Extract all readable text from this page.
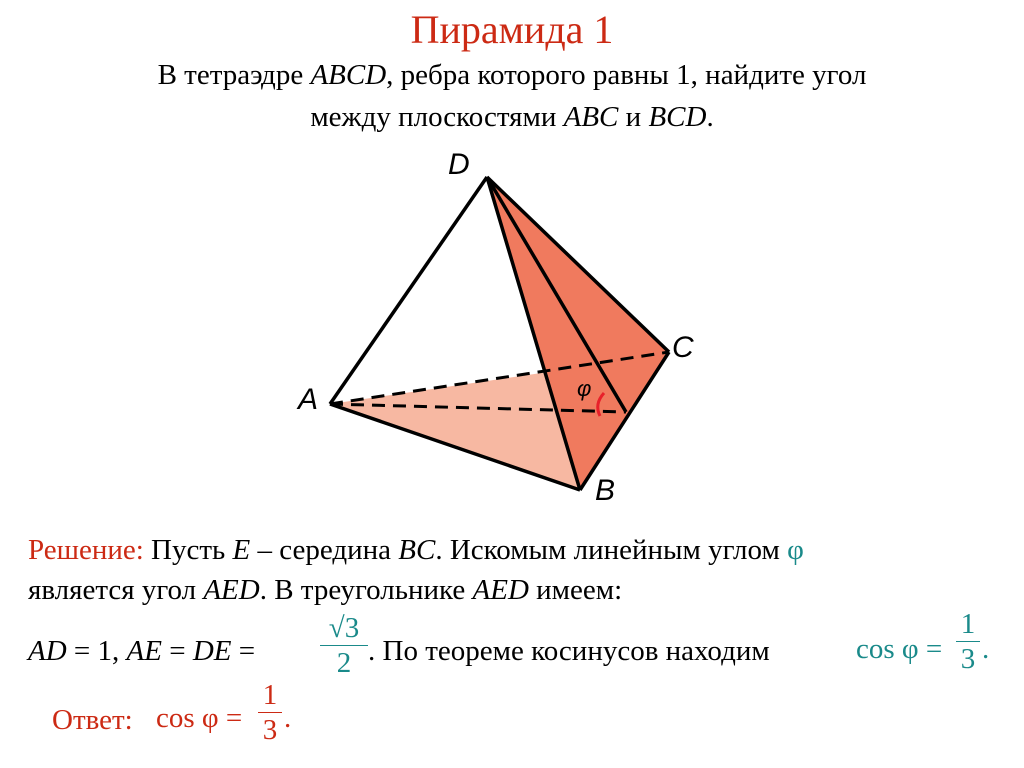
Пирамида 1
В тетраэдре ABCD, ребра которого равны 1, найдите угол
между плоскостями ABC и BCD.
D
C
A
B
φ
Решение: Пусть E – середина BC. Искомым линейным углом φ
является угол AED. В треугольнике AED имеем:
AD = 1, AE = DE =
√3
2 . По теореме косинусов находим	cos φ =
1
3 .
Ответ: cos φ =
1
3 .
